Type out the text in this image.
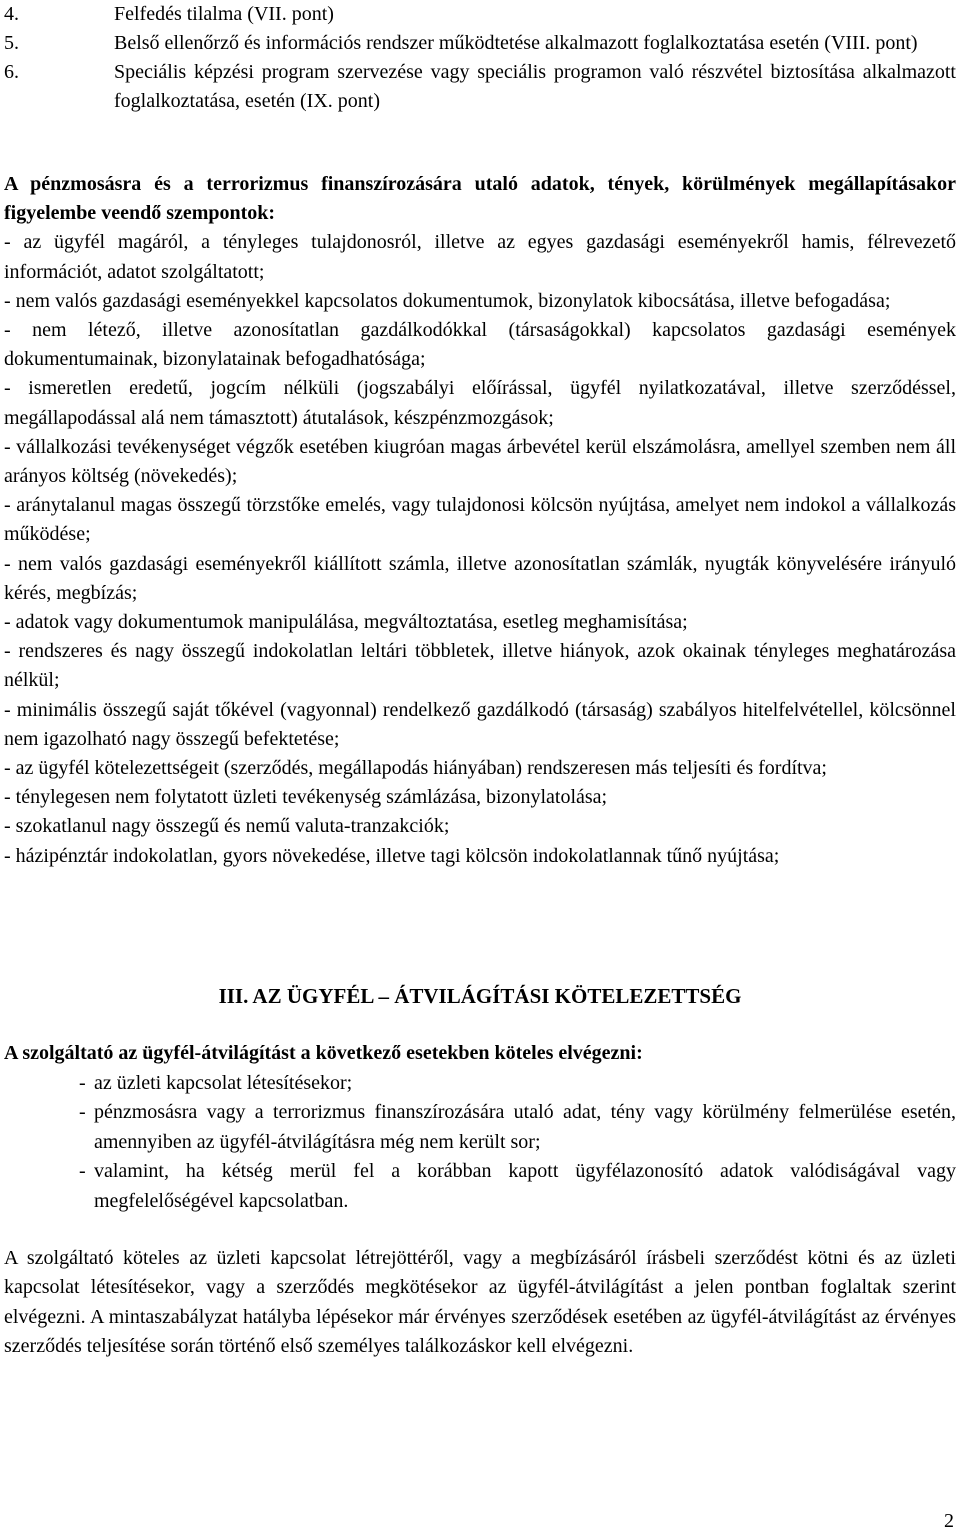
4.	Felfedés tilalma (VII. pont)
5.	Belső ellenőrző és információs rendszer működtetése alkalmazott foglalkoztatása esetén (VIII. pont)
6.	Speciális képzési program szervezése vagy speciális programon való részvétel biztosítása alkalmazott foglalkoztatása, esetén (IX. pont)

A pénzmosásra és a terrorizmus finanszírozására utaló adatok, tények, körülmények megállapításakor figyelembe veendő szempontok:

- az ügyfél magáról, a tényleges tulajdonosról, illetve az egyes gazdasági eseményekről hamis, félrevezető információt, adatot szolgáltatott;

- nem valós gazdasági eseményekkel kapcsolatos dokumentumok, bizonylatok kibocsátása, illetve befogadása;

- nem létező, illetve azonosítatlan gazdálkodókkal (társaságokkal) kapcsolatos gazdasági események dokumentumainak, bizonylatainak befogadhatósága;

- ismeretlen eredetű, jogcím nélküli (jogszabályi előírással, ügyfél nyilatkozatával, illetve szerződéssel, megállapodással alá nem támasztott) átutalások, készpénzmozgások;

- vállalkozási tevékenységet végzők esetében kiugróan magas árbevétel kerül elszámolásra, amellyel szemben nem áll arányos költség (növekedés);

- aránytalanul magas összegű törzstőke emelés, vagy tulajdonosi kölcsön nyújtása, amelyet nem indokol a vállalkozás működése;

- nem valós gazdasági eseményekről kiállított számla, illetve azonosítatlan számlák, nyugták könyvelésére irányuló kérés, megbízás;

- adatok vagy dokumentumok manipulálása, megváltoztatása, esetleg meghamisítása;

- rendszeres és nagy összegű indokolatlan leltári többletek, illetve hiányok, azok okainak tényleges meghatározása nélkül;

- minimális összegű saját tőkével (vagyonnal) rendelkező gazdálkodó (társaság) szabályos hitelfelvétellel, kölcsönnel nem igazolható nagy összegű befektetése;

- az ügyfél kötelezettségeit (szerződés, megállapodás hiányában) rendszeresen más teljesíti és fordítva;

- ténylegesen nem folytatott üzleti tevékenység számlázása, bizonylatolása;

- szokatlanul nagy összegű és nemű valuta-tranzakciók;

- házipénztár indokolatlan, gyors növekedése, illetve tagi kölcsön indokolatlannak tűnő nyújtása;

III. AZ ÜGYFÉL – ÁTVILÁGÍTÁSI KÖTELEZETTSÉG

A szolgáltató az ügyfél-átvilágítást a következő esetekben köteles elvégezni:

- az üzleti kapcsolat létesítésekor;
- pénzmosásra vagy a terrorizmus finanszírozására utaló adat, tény vagy körülmény felmerülése esetén, amennyiben az ügyfél-átvilágításra még nem került sor;
- valamint, ha kétség merül fel a korábban kapott ügyfélazonosító adatok valódiságával vagy megfelelőségével kapcsolatban.

A szolgáltató köteles az üzleti kapcsolat létrejöttéről, vagy a megbízásáról írásbeli szerződést kötni és az üzleti kapcsolat létesítésekor, vagy a szerződés megkötésekor az ügyfél-átvilágítást a jelen pontban foglaltak szerint elvégezni. A mintaszabályzat hatályba lépésekor már érvényes szerződések esetében az ügyfél-átvilágítást az érvényes szerződés teljesítése során történő első személyes találkozáskor kell elvégezni.

2
